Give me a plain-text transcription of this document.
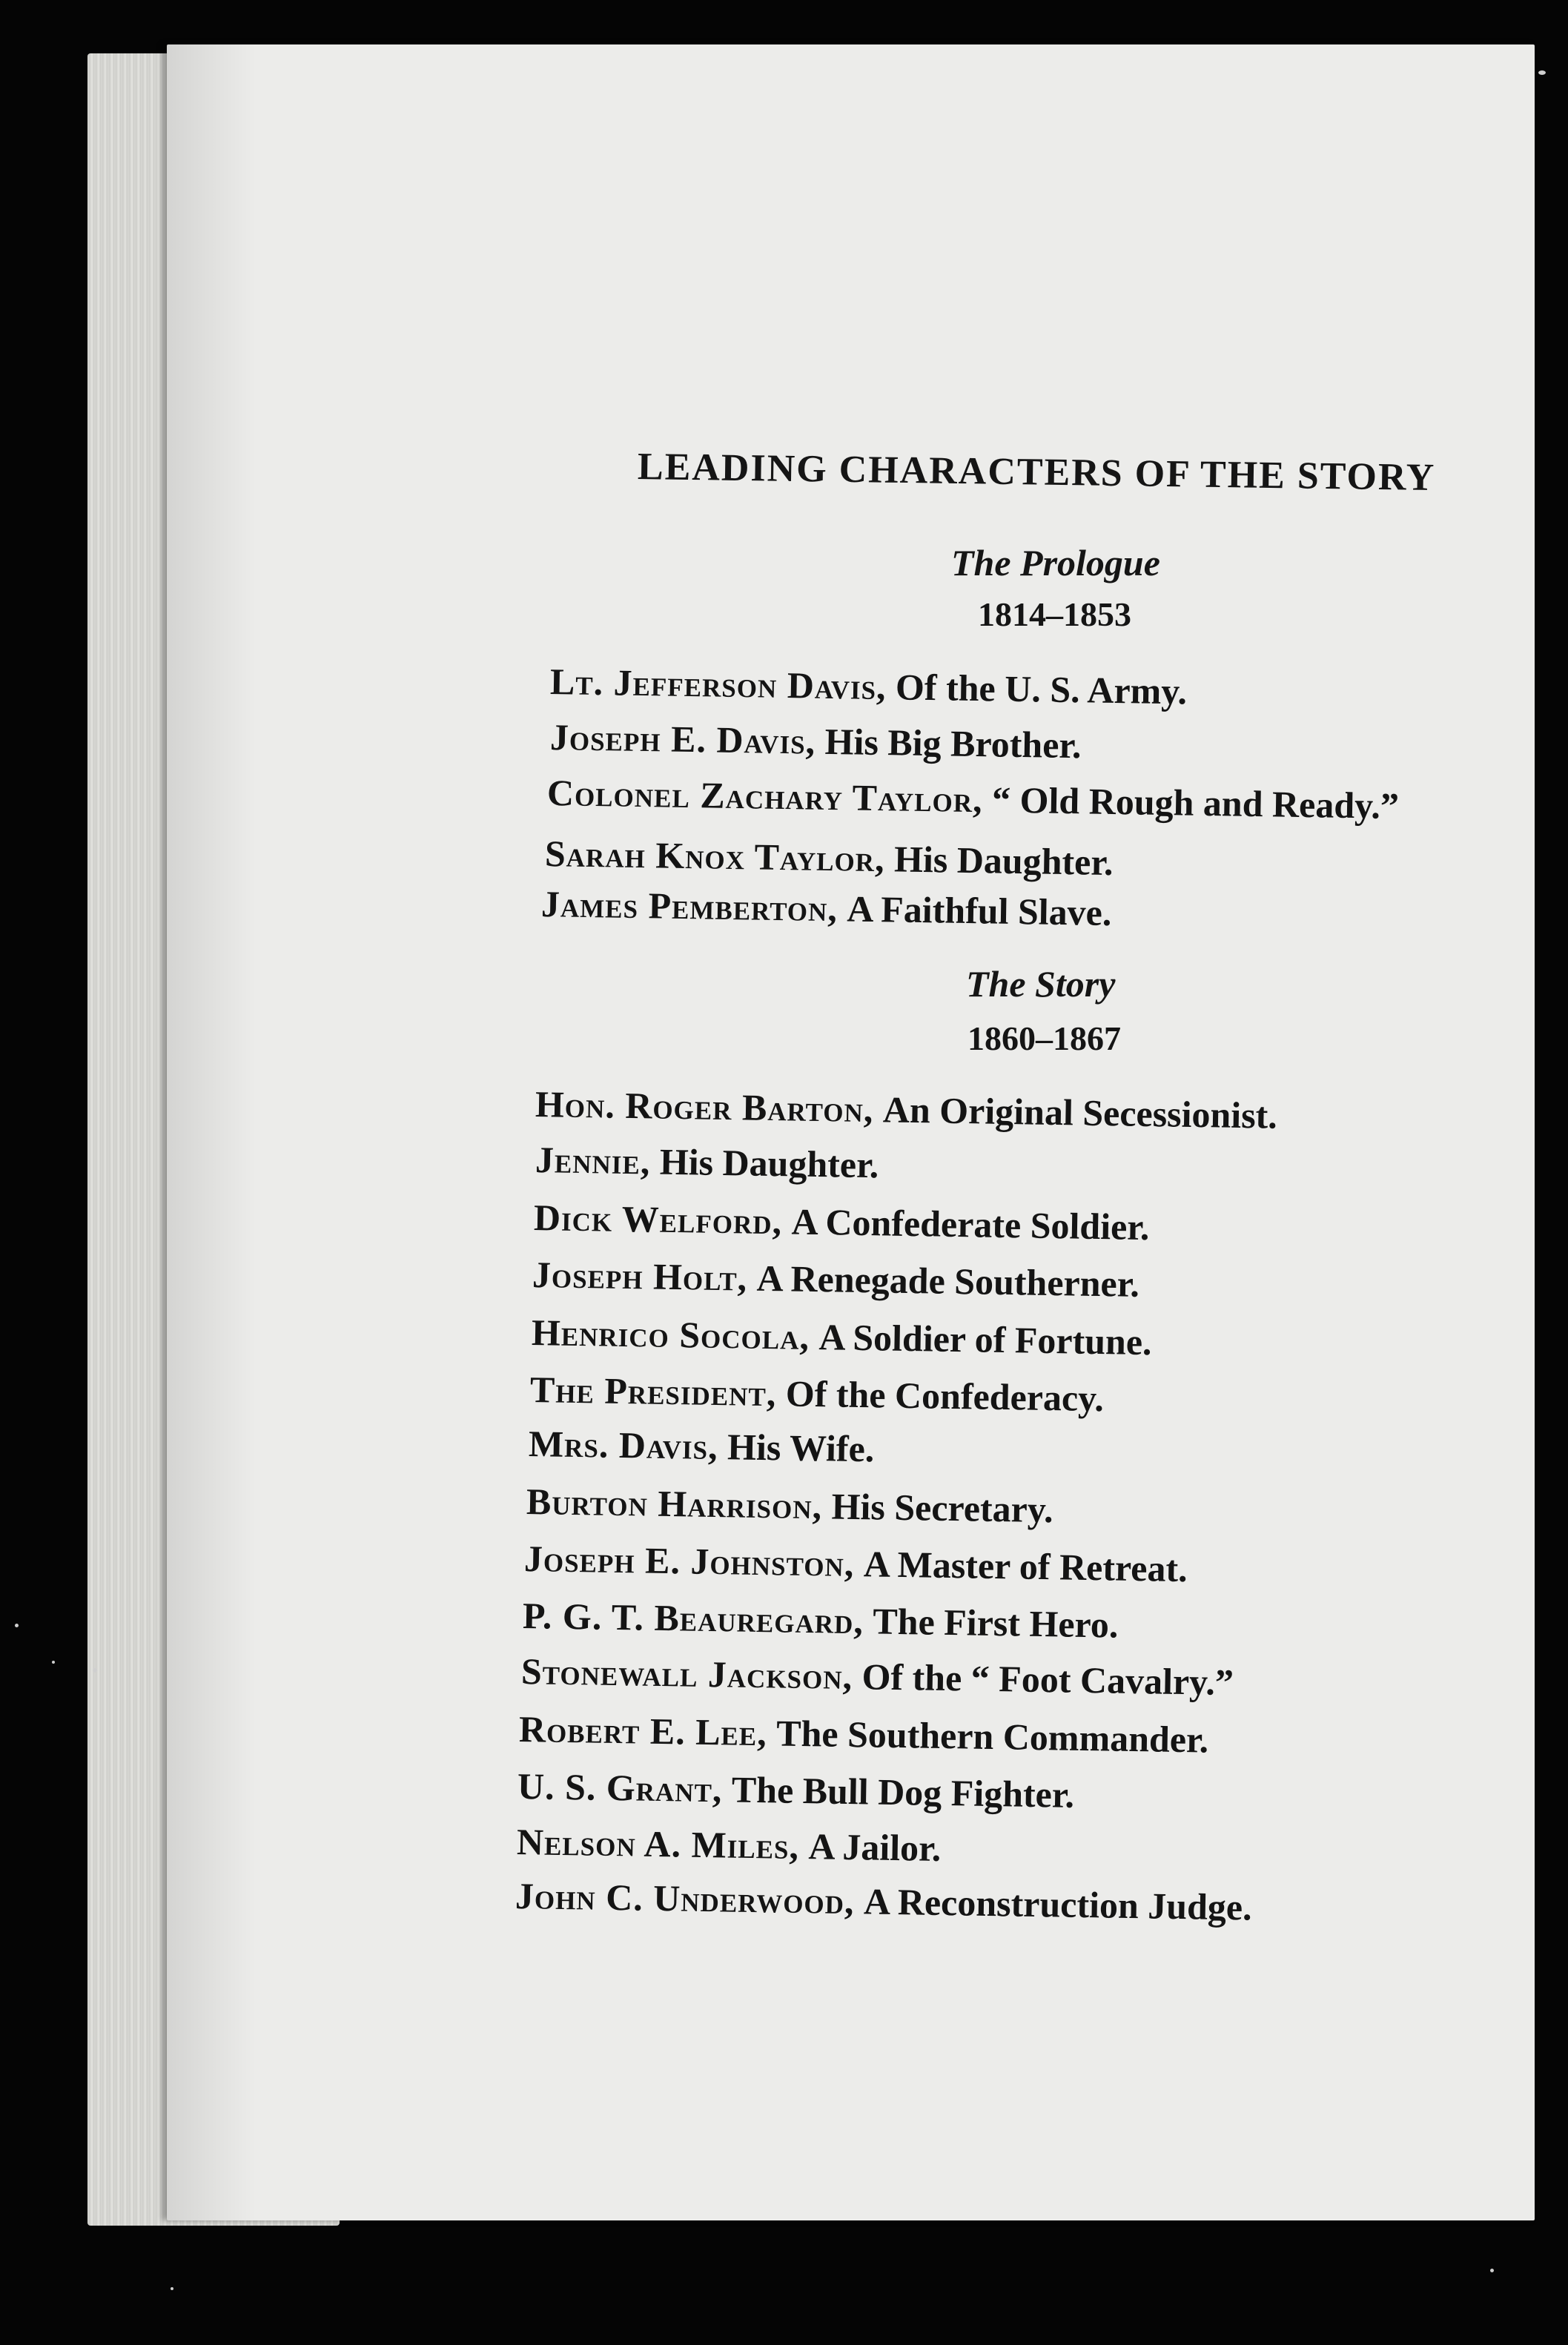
LEADING CHARACTERS OF THE STORY

The Prologue

1814–1853

Lt. Jefferson Davis, Of the U. S. Army.
Joseph E. Davis, His Big Brother.
Colonel Zachary Taylor, “ Old Rough and Ready.”
Sarah Knox Taylor, His Daughter.
James Pemberton, A Faithful Slave.

The Story

1860–1867

Hon. Roger Barton, An Original Secessionist.
Jennie, His Daughter.
Dick Welford, A Confederate Soldier.
Joseph Holt, A Renegade Southerner.
Henrico Socola, A Soldier of Fortune.
The President, Of the Confederacy.
Mrs. Davis, His Wife.
Burton Harrison, His Secretary.
Joseph E. Johnston, A Master of Retreat.
P. G. T. Beauregard, The First Hero.
Stonewall Jackson, Of the “ Foot Cavalry.”
Robert E. Lee, The Southern Commander.
U. S. Grant, The Bull Dog Fighter.
Nelson A. Miles, A Jailor.
John C. Underwood, A Reconstruction Judge.
